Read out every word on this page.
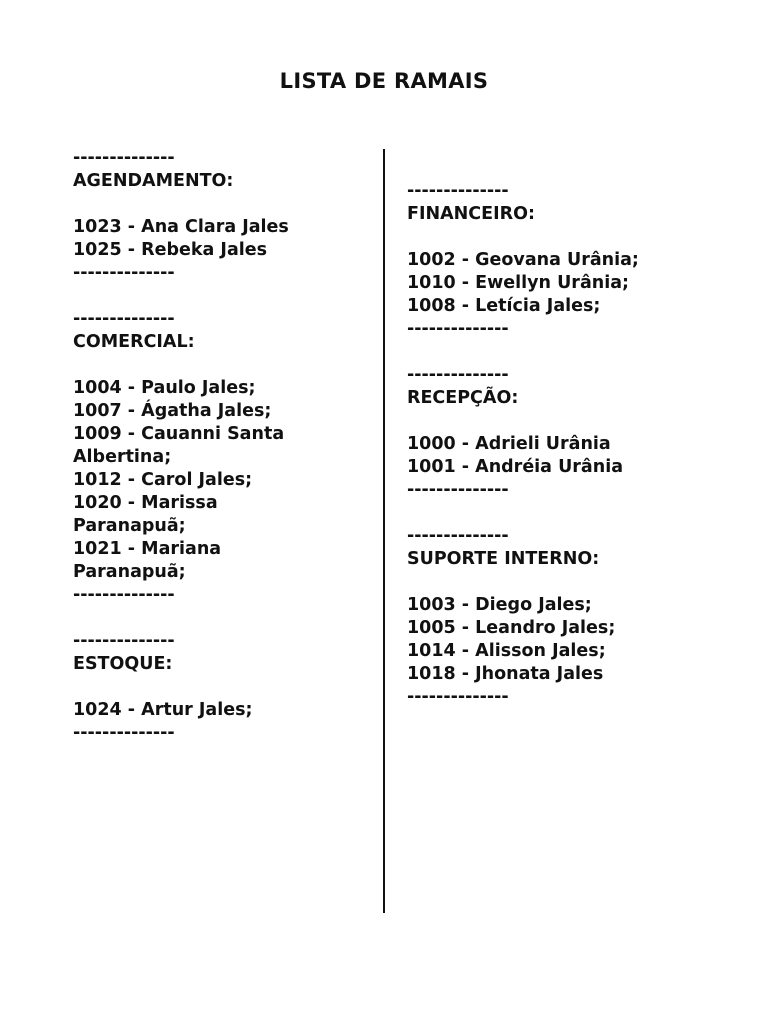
LISTA DE RAMAIS
--------------
AGENDAMENTO:
1023 - Ana Clara Jales
1025 - Rebeka Jales
--------------
--------------
COMERCIAL:
1004 - Paulo Jales;
1007 - Ágatha Jales;
1009 - Cauanni Santa
Albertina;
1012 - Carol Jales;
1020 - Marissa
Paranapuã;
1021 - Mariana
Paranapuã;
--------------
--------------
ESTOQUE:
1024 - Artur Jales;
--------------
--------------
FINANCEIRO:
1002 - Geovana Urânia;
1010 - Ewellyn Urânia;
1008 - Letícia Jales;
--------------
--------------
RECEPÇÃO:
1000 - Adrieli Urânia
1001 - Andréia Urânia
--------------
--------------
SUPORTE INTERNO:
1003 - Diego Jales;
1005 - Leandro Jales;
1014 - Alisson Jales;
1018 - Jhonata Jales
--------------
